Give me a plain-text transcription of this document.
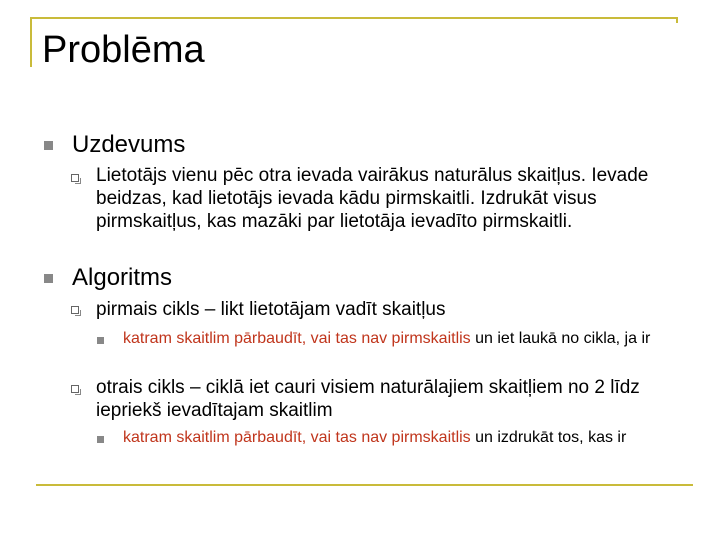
Problēma
Uzdevums
Lietotājs vienu pēc otra ievada vairākus naturālus skaitļus. Ievade beidzas, kad lietotājs ievada kādu pirmskaitli. Izdrukāt visus pirmskaitļus, kas mazāki par lietotāja ievadīto pirmskaitli.
Algoritms
pirmais cikls – likt lietotājam vadīt skaitļus
katram skaitlim pārbaudīt, vai tas nav pirmskaitlis un iet laukā no cikla, ja ir
otrais cikls – ciklā iet cauri visiem naturālajiem skaitļiem no 2 līdz iepriekš ievadītajam skaitlim
katram skaitlim pārbaudīt, vai tas nav pirmskaitlis un izdrukāt tos, kas ir
